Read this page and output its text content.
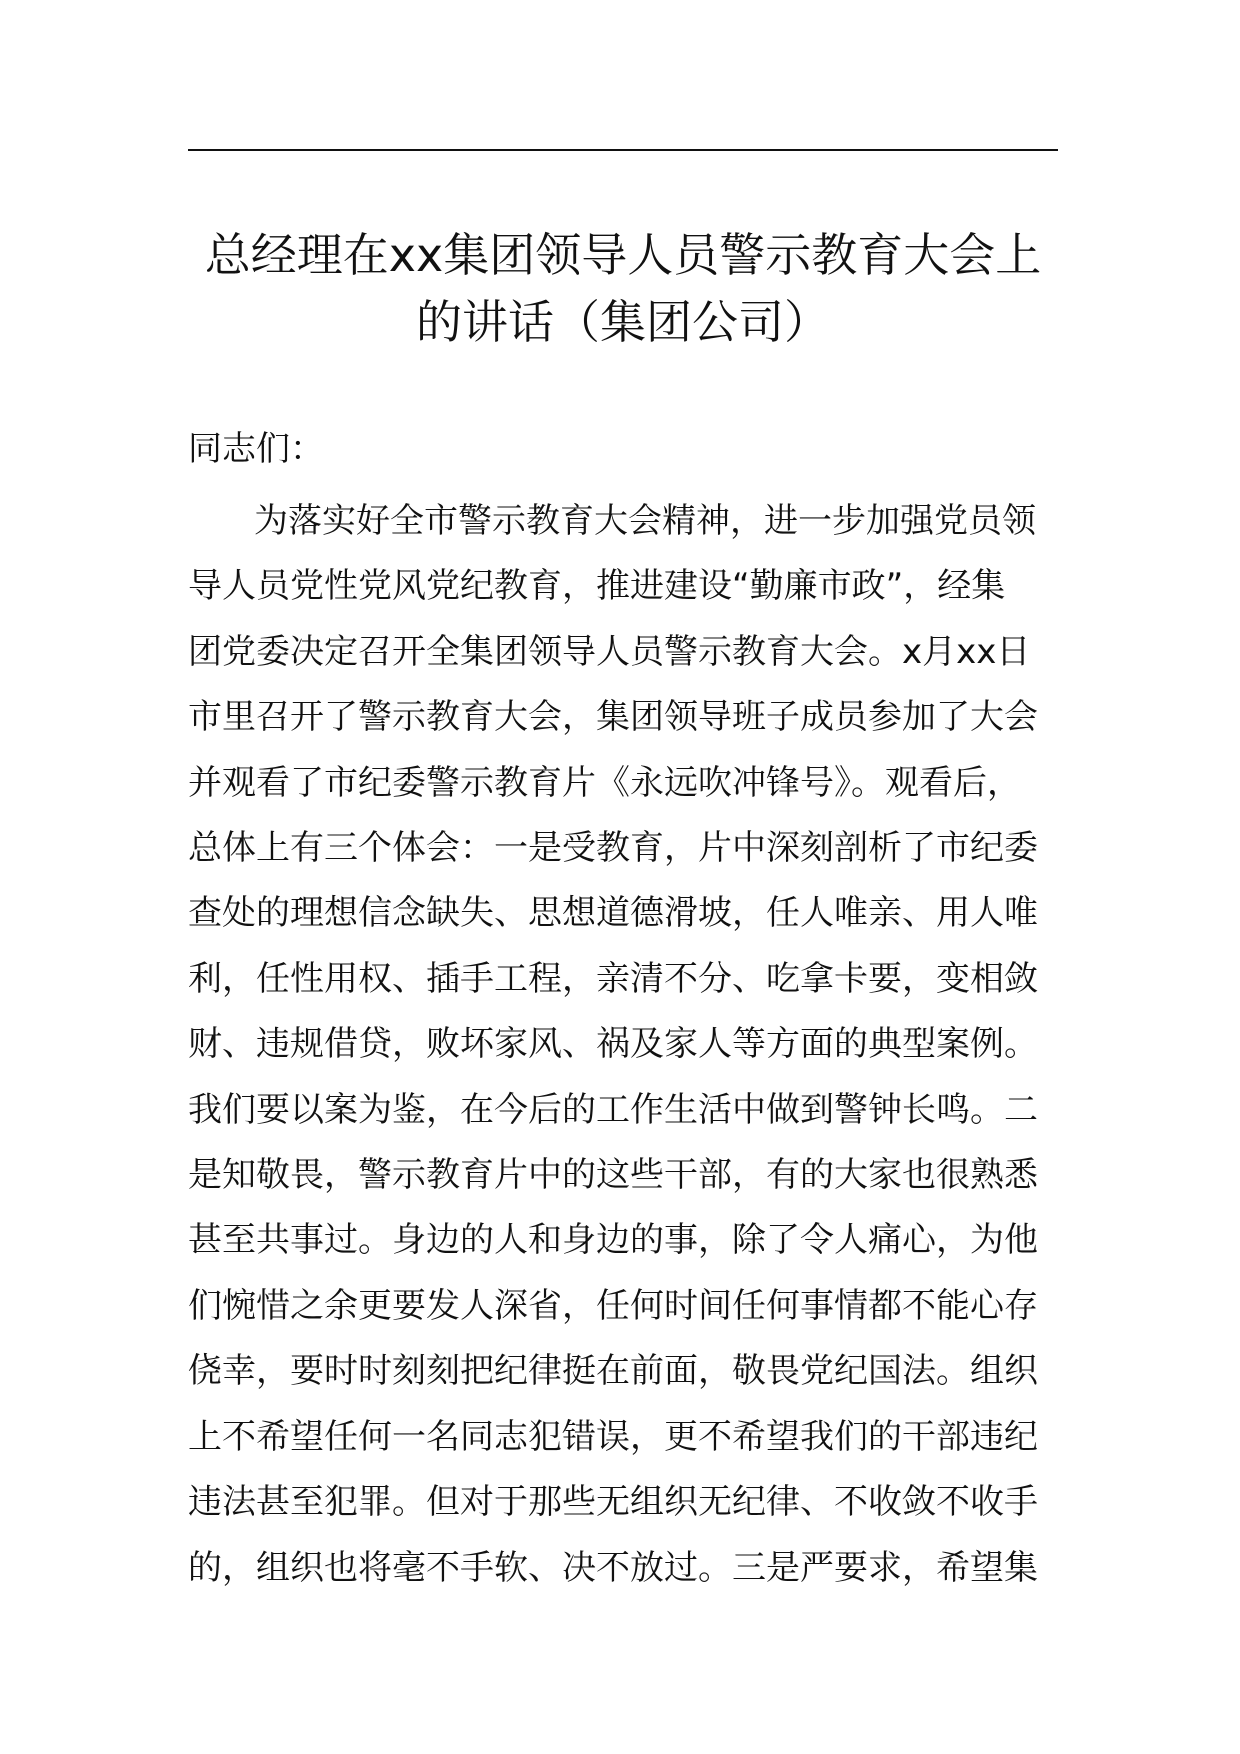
总经理在xx集团领导人员警示教育大会上
的讲话（集团公司）

同志们：

为落实好全市警示教育大会精神，进一步加强党员领
导人员党性党风党纪教育，推进建设“勤廉市政”，经集
团党委决定召开全集团领导人员警示教育大会。x月xx日
市里召开了警示教育大会，集团领导班子成员参加了大会
并观看了市纪委警示教育片《永远吹冲锋号》。观看后，
总体上有三个体会：一是受教育，片中深刻剖析了市纪委
查处的理想信念缺失、思想道德滑坡，任人唯亲、用人唯
利，任性用权、插手工程，亲清不分、吃拿卡要，变相敛
财、违规借贷，败坏家风、祸及家人等方面的典型案例。
我们要以案为鉴，在今后的工作生活中做到警钟长鸣。二
是知敬畏，警示教育片中的这些干部，有的大家也很熟悉
甚至共事过。身边的人和身边的事，除了令人痛心，为他
们惋惜之余更要发人深省，任何时间任何事情都不能心存
侥幸，要时时刻刻把纪律挺在前面，敬畏党纪国法。组织
上不希望任何一名同志犯错误，更不希望我们的干部违纪
违法甚至犯罪。但对于那些无组织无纪律、不收敛不收手
的，组织也将毫不手软、决不放过。三是严要求，希望集
